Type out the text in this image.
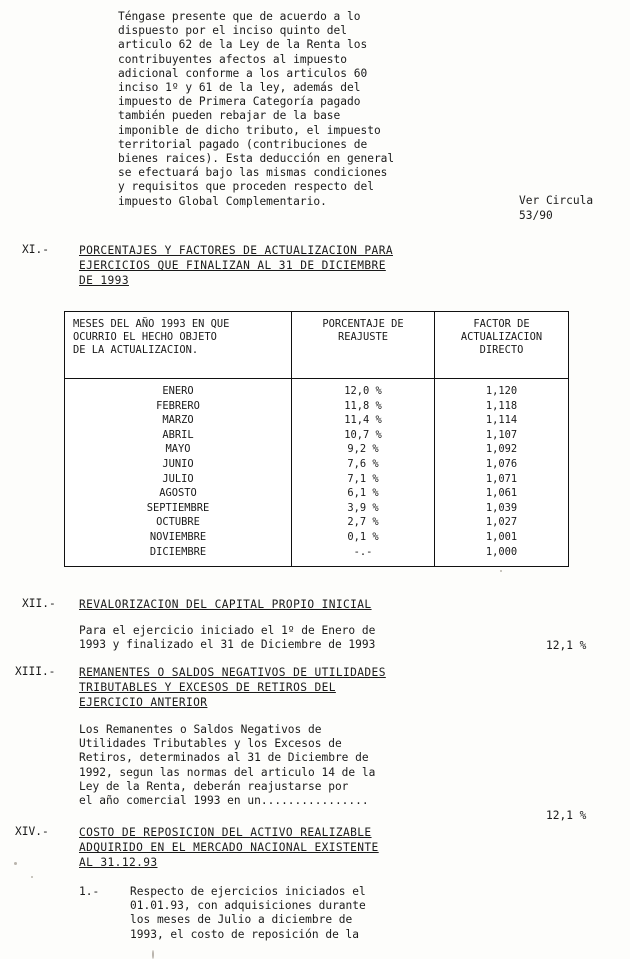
Téngase presente que de acuerdo a lo

dispuesto por el inciso quinto del

articulo 62 de la Ley de la Renta los

contribuyentes afectos al impuesto

adicional conforme a los articulos 60

inciso 1º y 61 de la ley, además del

impuesto de Primera Categoría pagado

también pueden rebajar de la base

imponible de dicho tributo, el impuesto

territorial pagado (contribuciones de

bienes raices). Esta deducción en general

se efectuará bajo las mismas condiciones

y requisitos que proceden respecto del

impuesto Global Complementario.	Ver Circula
53/90
XI.-	PORCENTAJES Y FACTORES DE ACTUALIZACION PARA
EJERCICIOS QUE FINALIZAN AL 31 DE DICIEMBRE
DE 1993
MESES DEL AÑO 1993 EN QUE
OCURRIO EL HECHO OBJETO
DE LA ACTUALIZACION.

PORCENTAJE DE
REAJUSTE

FACTOR DE
ACTUALIZACION
DIRECTO

ENERO	12,0 %	1,120
FEBRERO	11,8 %	1,118
MARZO	11,4 %	1,114
ABRIL	10,7 %	1,107
MAYO	9,2 %	1,092
JUNIO	7,6 %	1,076
JULIO	7,1 %	1,071
AGOSTO	6,1 %	1,061
SEPTIEMBRE	3,9 %	1,039
OCTUBRE	2,7 %	1,027
NOVIEMBRE	0,1 %	1,001
DICIEMBRE	-.-	1,000
XII.- REVALORIZACION DEL CAPITAL PROPIO INICIAL

Para el ejercicio iniciado el 1º de Enero de

1993 y finalizado el 31 de Diciembre de 1993	12,1 %
XIII.- REMANENTES O SALDOS NEGATIVOS DE UTILIDADES
TRIBUTABLES Y EXCESOS DE RETIROS DEL
EJERCICIO ANTERIOR

Los Remanentes o Saldos Negativos de

Utilidades Tributables y los Excesos de

Retiros, determinados al 31 de Diciembre de

1992, segun las normas del articulo 14 de la

Ley de la Renta, deberán reajustarse por

el año comercial 1993 en un................

12,1 %
XIV.-	COSTO DE REPOSICION DEL ACTIVO REALIZABLE
ADQUIRIDO EN EL MERCADO NACIONAL EXISTENTE
AL 31.12.93
1.-	Respecto de ejercicios iniciados el

01.01.93, con adquisiciones durante

los meses de Julio a diciembre de

1993, el costo de reposición de la
